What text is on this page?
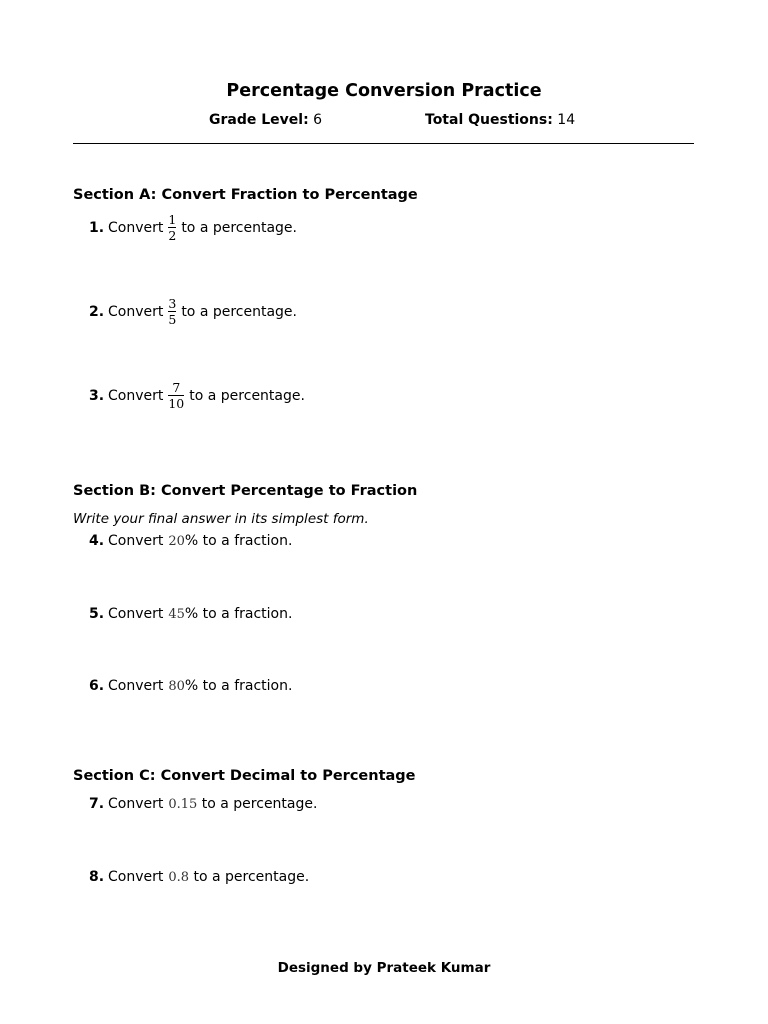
Percentage Conversion Practice
Grade Level: 6	Total Questions: 14
Section A: Convert Fraction to Percentage
1. Convert $\frac{1}{2}$ to a percentage.
2. Convert $\frac{3}{5}$ to a percentage.
3. Convert $\frac{7}{10}$ to a percentage.
Section B: Convert Percentage to Fraction
Write your final answer in its simplest form.
4. Convert 20 % to a fraction.
5. Convert 45 % to a fraction.
6. Convert 80 % to a fraction.
Section C: Convert Decimal to Percentage
7. Convert 0.15 to a percentage.
8. Convert 0.8 to a percentage.
Designed by Prateek Kumar
